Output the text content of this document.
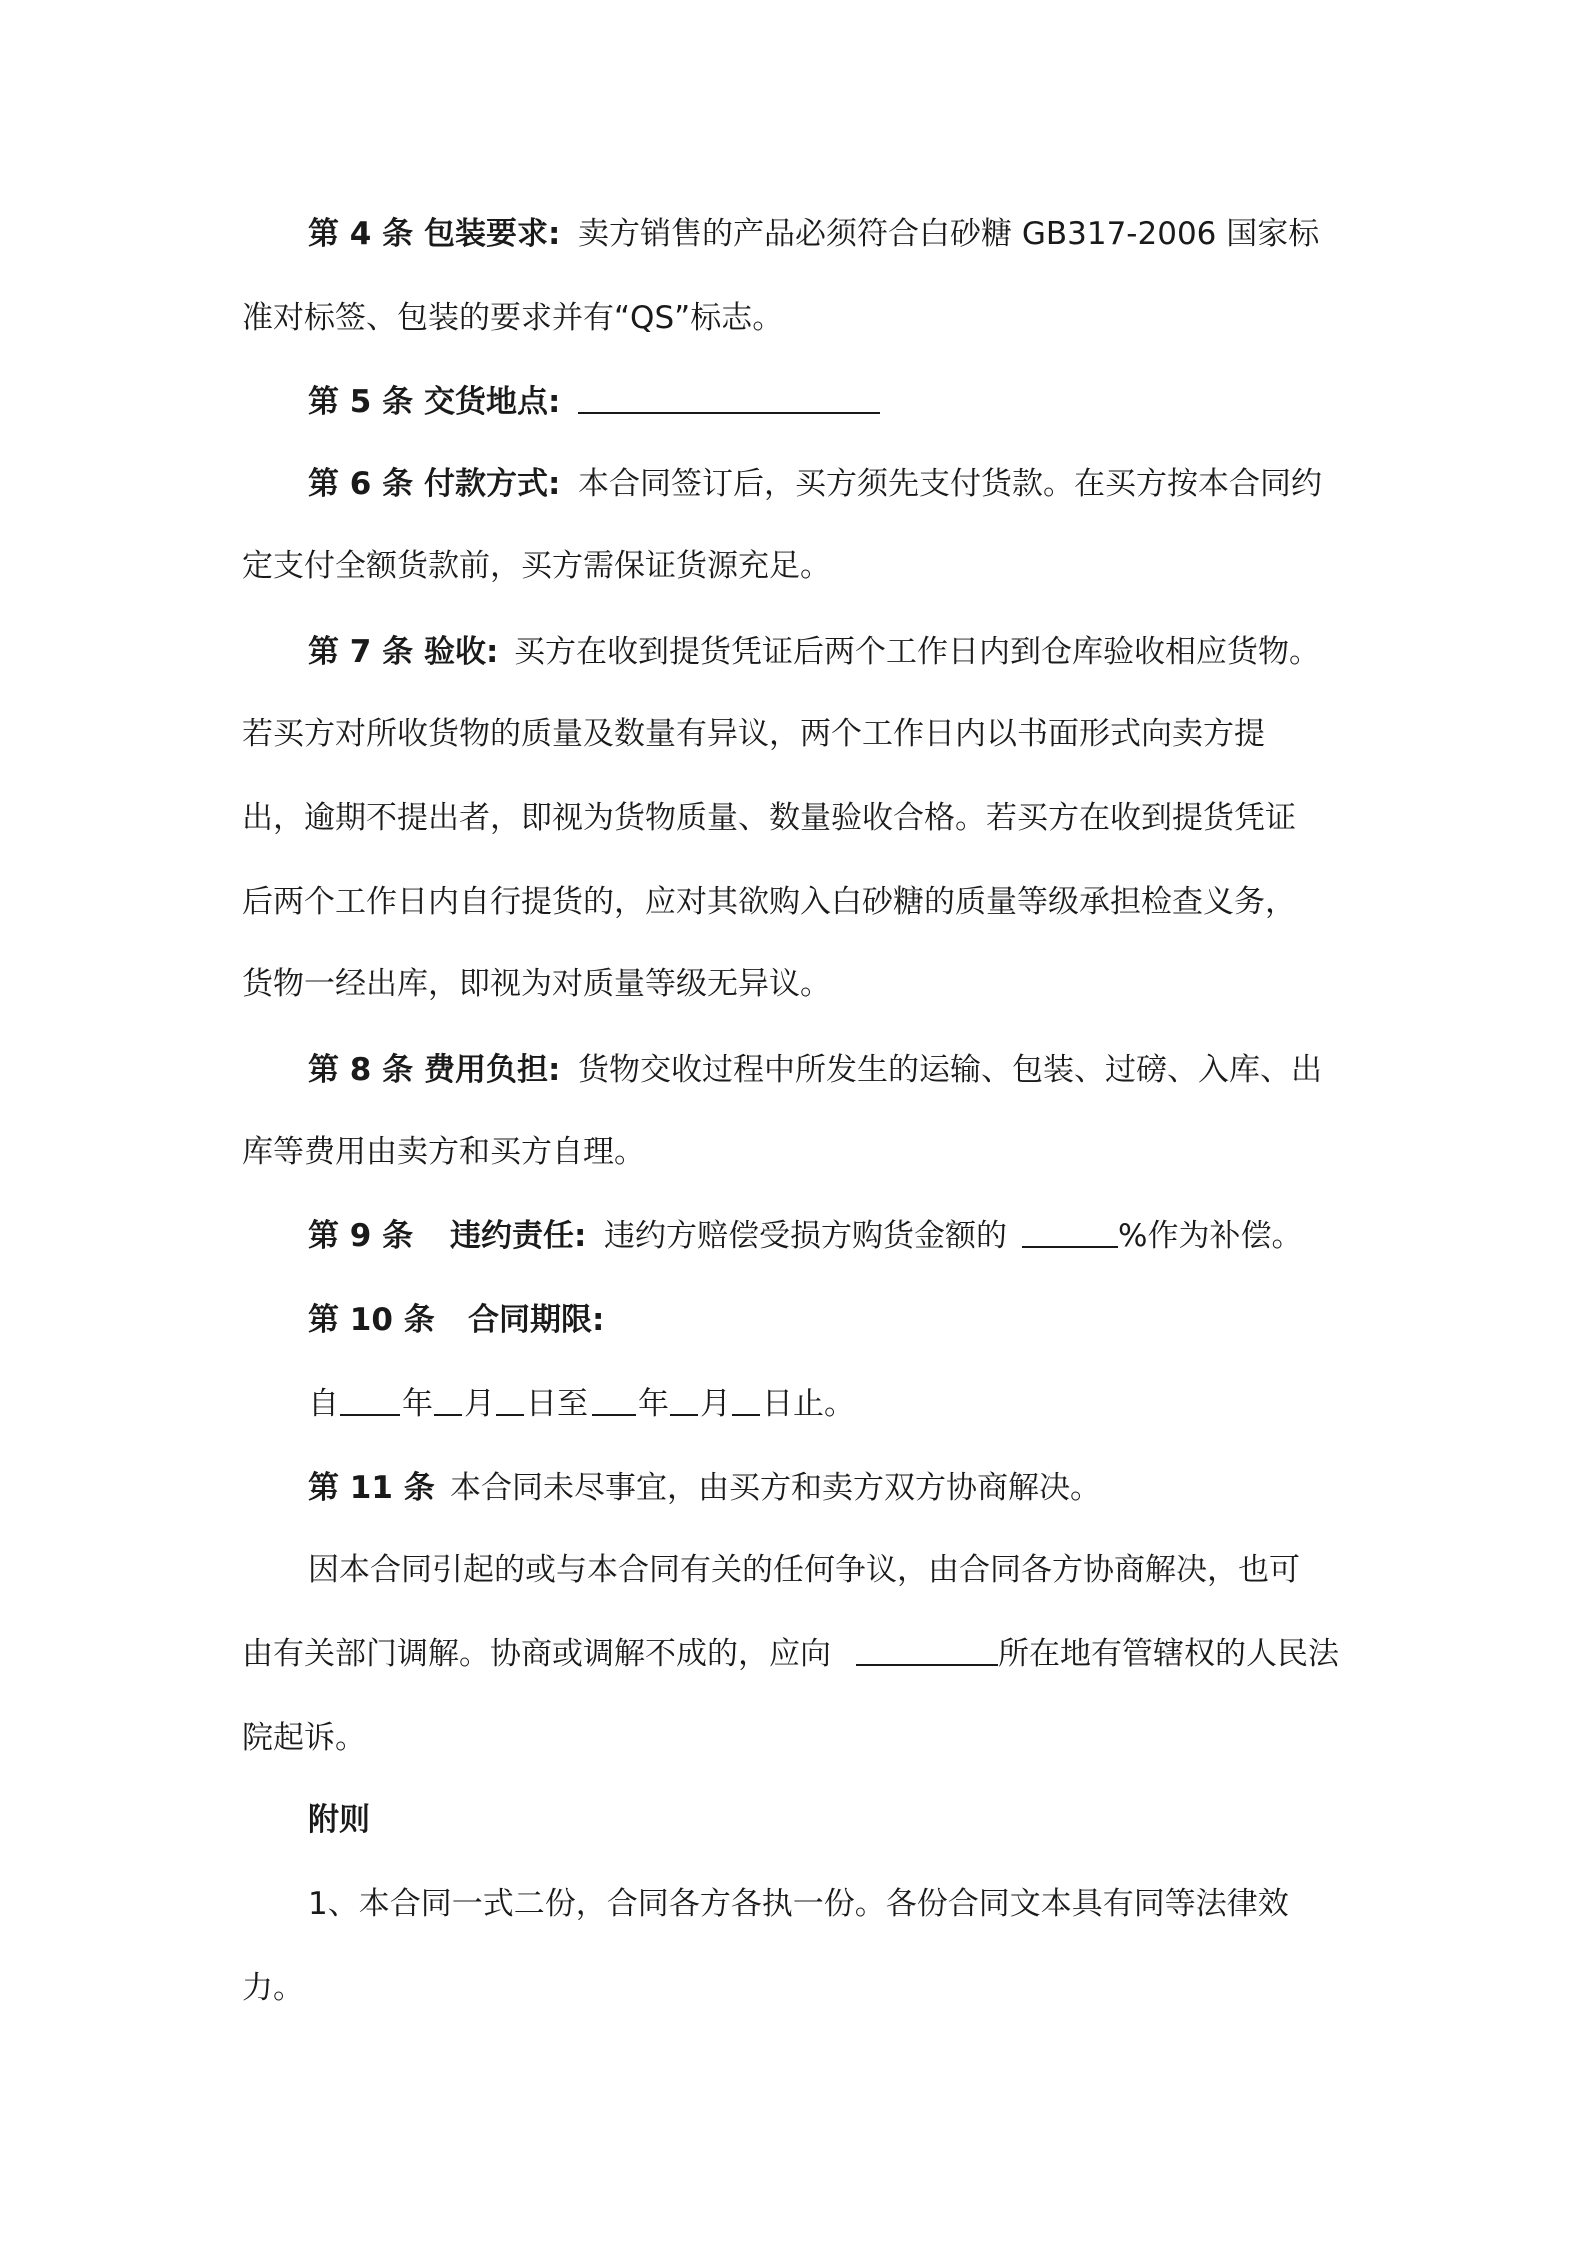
第 4 条 包装要求: 卖方销售的产品必须符合白砂糖 GB317-2006 国家标
准对标签、包装的要求并有“QS”标志。
第 5 条 交货地点:
第 6 条 付款方式: 本合同签订后，买方须先支付货款。在买方按本合同约
定支付全额货款前，买方需保证货源充足。
第 7 条 验收: 买方在收到提货凭证后两个工作日内到仓库验收相应货物。
若买方对所收货物的质量及数量有异议，两个工作日内以书面形式向卖方提
出，逾期不提出者，即视为货物质量、数量验收合格。若买方在收到提货凭证
后两个工作日内自行提货的，应对其欲购入白砂糖的质量等级承担检查义务，
货物一经出库，即视为对质量等级无异议。
第 8 条 费用负担: 货物交收过程中所发生的运输、包装、过磅、入库、出
库等费用由卖方和买方自理。
第 9 条 违约责任: 违约方赔偿受损方购货金额的	%作为补偿。
第 10 条 合同期限:
自 年 月 日至 年 月 日止。
第 11 条 本合同未尽事宜，由买方和卖方双方协商解决。
因本合同引起的或与本合同有关的任何争议，由合同各方协商解决，也可
由有关部门调解。协商或调解不成的，应向	所在地有管辖权的人民法
院起诉。
附则
1、本合同一式二份，合同各方各执一份。各份合同文本具有同等法律效
力。
